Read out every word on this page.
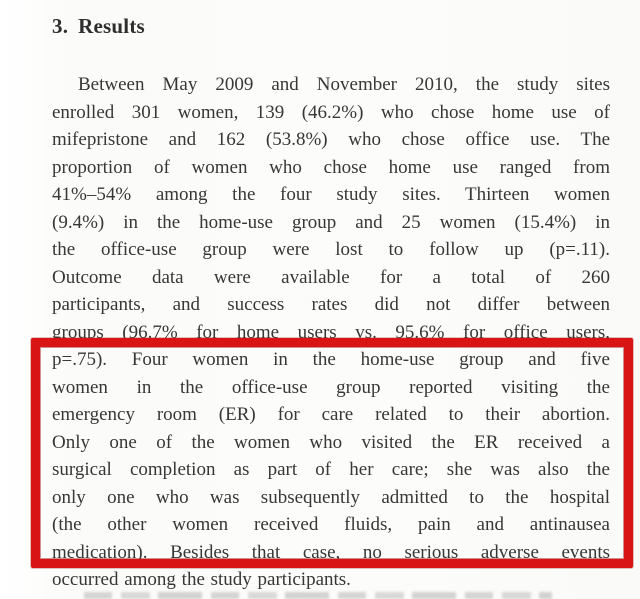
3. Results
Between May 2009 and November 2010, the study sites
enrolled 301 women, 139 (46.2%) who chose home use of
mifepristone and 162 (53.8%) who chose office use. The
proportion of women who chose home use ranged from
41%–54% among the four study sites. Thirteen women
(9.4%) in the home-use group and 25 women (15.4%) in
the office-use group were lost to follow up (p=.11).
Outcome data were available for a total of 260
participants, and success rates did not differ between
groups (96.7% for home users vs. 95.6% for office users,
p=.75). Four women in the home-use group and five
women in the office-use group reported visiting the
emergency room (ER) for care related to their abortion.
Only one of the women who visited the ER received a
surgical completion as part of her care; she was also the
only one who was subsequently admitted to the hospital
(the other women received fluids, pain and antinausea
medication). Besides that case, no serious adverse events
occurred among the study participants.
